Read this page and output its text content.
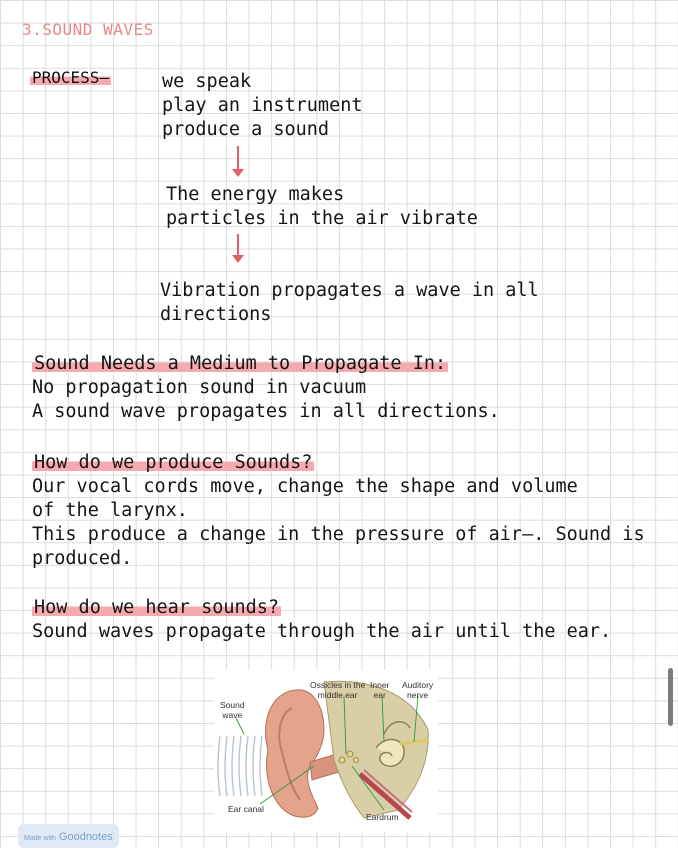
3.SOUND WAVES
PROCESS—	we speak
play an instrument
produce a sound
The energy makes
particles in the air vibrate
Vibration propagates a wave in all
directions
Sound Needs a Medium to Propagate In:
No propagation sound in vacuum
A sound wave propagates in all directions.
How do we produce Sounds?
Our vocal cords move, change the shape and volume
of the larynx.
This produce a change in the pressure of air—. Sound is
produced.
How do we hear sounds?
Sound waves propagate through the air until the ear.
Ossicles in the
middle ear
Inner
ear
Auditory
nerve
Sound
wave
Ear canal
Eardrum
Made with Goodnotes
